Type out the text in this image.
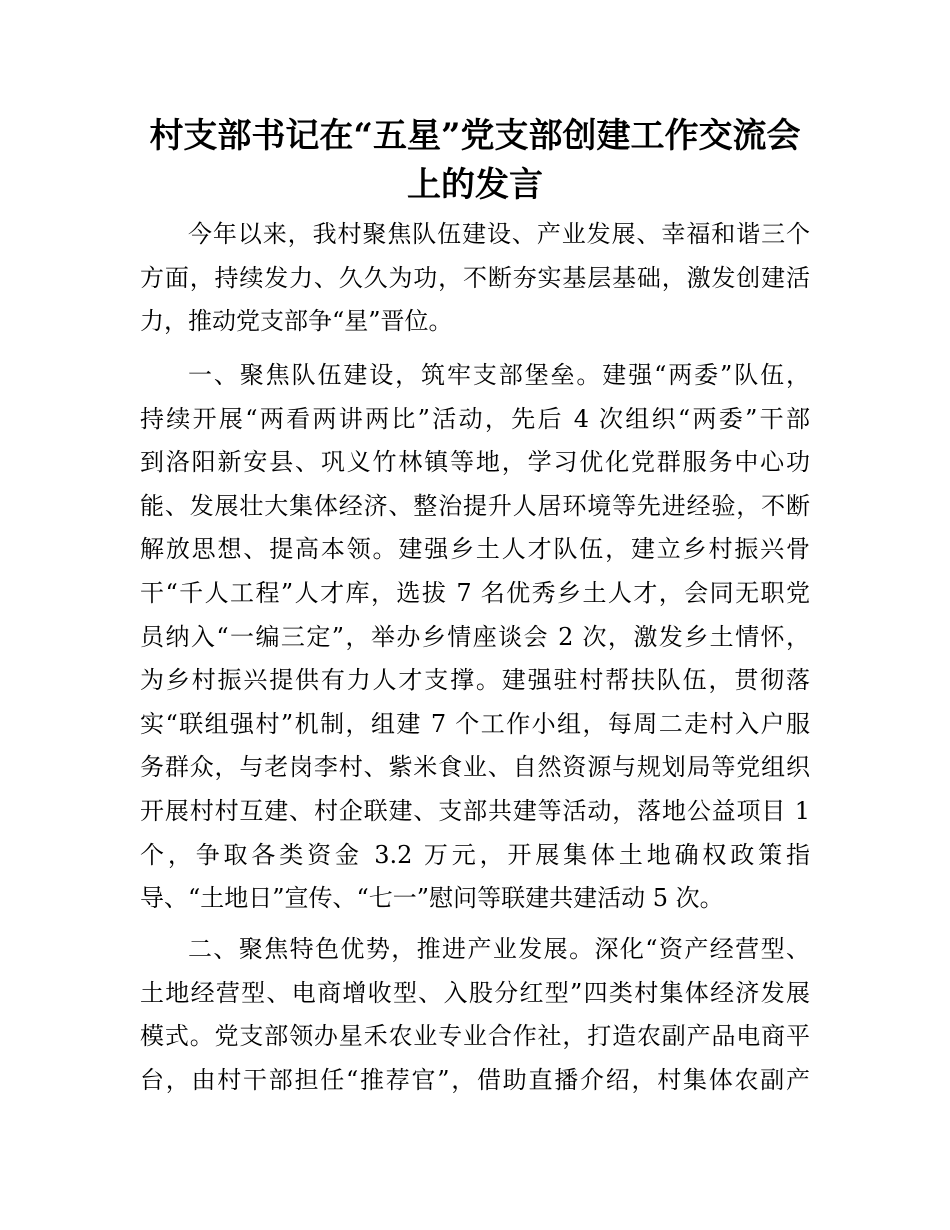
村支部书记在“五星”党支部创建工作交流会
上的发言
今年以来，我村聚焦队伍建设、产业发展、幸福和谐三个
方面，持续发力、久久为功，不断夯实基层基础，激发创建活
力，推动党支部争“星”晋位。
一、聚焦队伍建设，筑牢支部堡垒。建强“两委”队伍，
持续开展“两看两讲两比”活动，先后 4 次组织“两委”干部
到洛阳新安县、巩义竹林镇等地，学习优化党群服务中心功
能、发展壮大集体经济、整治提升人居环境等先进经验，不断
解放思想、提高本领。建强乡土人才队伍，建立乡村振兴骨
干“千人工程”人才库，选拔 7 名优秀乡土人才，会同无职党
员纳入“一编三定”，举办乡情座谈会 2 次，激发乡土情怀，
为乡村振兴提供有力人才支撑。建强驻村帮扶队伍，贯彻落
实“联组强村”机制，组建 7 个工作小组，每周二走村入户服
务群众，与老岗李村、紫米食业、自然资源与规划局等党组织
开展村村互建、村企联建、支部共建等活动，落地公益项目 1
个，争取各类资金 3.2 万元，开展集体土地确权政策指
导、“土地日”宣传、“七一”慰问等联建共建活动 5 次。
二、聚焦特色优势，推进产业发展。深化“资产经营型、
土地经营型、电商增收型、入股分红型”四类村集体经济发展
模式。党支部领办星禾农业专业合作社，打造农副产品电商平
台，由村干部担任“推荐官”，借助直播介绍，村集体农副产
